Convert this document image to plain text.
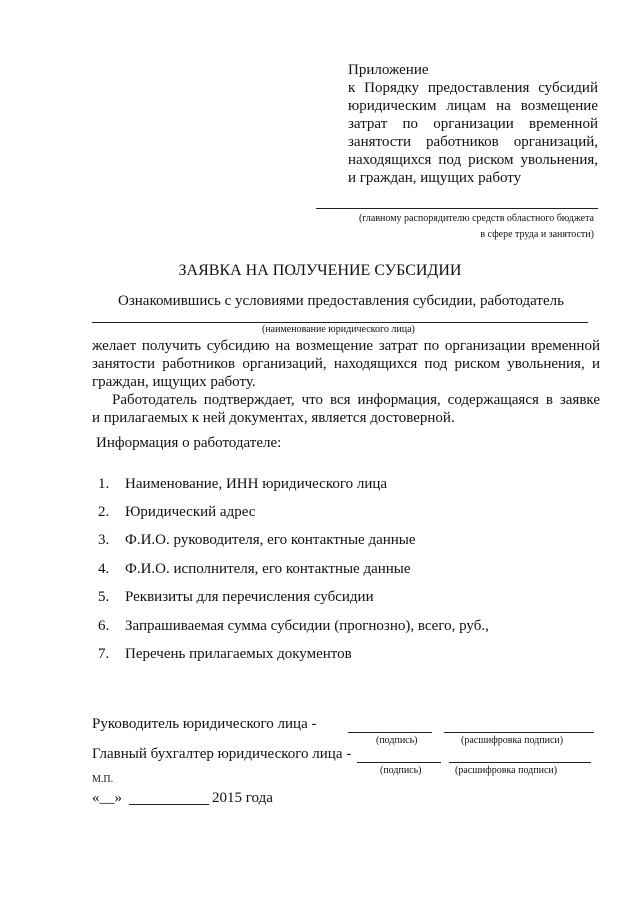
Приложение
к Порядку предоставления субсидий
юридическим лицам на возмещение
затрат по организации временной
занятости работников организаций,
находящихся под риском увольнения,
и граждан, ищущих работу
(главному распорядителю средств областного бюджета
в сфере труда и занятости)
ЗАЯВКА НА ПОЛУЧЕНИЕ СУБСИДИИ
Ознакомившись с условиями предоставления субсидии, работодатель
(наименование юридического лица)
желает получить субсидию на возмещение затрат по организации временной
занятости работников организаций, находящихся под риском увольнения, и
граждан, ищущих работу.
Работодатель подтверждает, что вся информация, содержащаяся в заявке
и прилагаемых к ней документах, является достоверной.
Информация о работодателе:
1. Наименование, ИНН юридического лица
2. Юридический адрес
3. Ф.И.О. руководителя, его контактные данные
4. Ф.И.О. исполнителя, его контактные данные
5. Реквизиты для перечисления субсидии
6. Запрашиваемая сумма субсидии (прогнозно), всего, руб.,
7. Перечень прилагаемых документов
Руководитель юридического лица -
(подпись)	(расшифровка подписи)
Главный бухгалтер юридического лица -
(подпись)	(расшифровка подписи)
М.П.
«__»	2015 года
